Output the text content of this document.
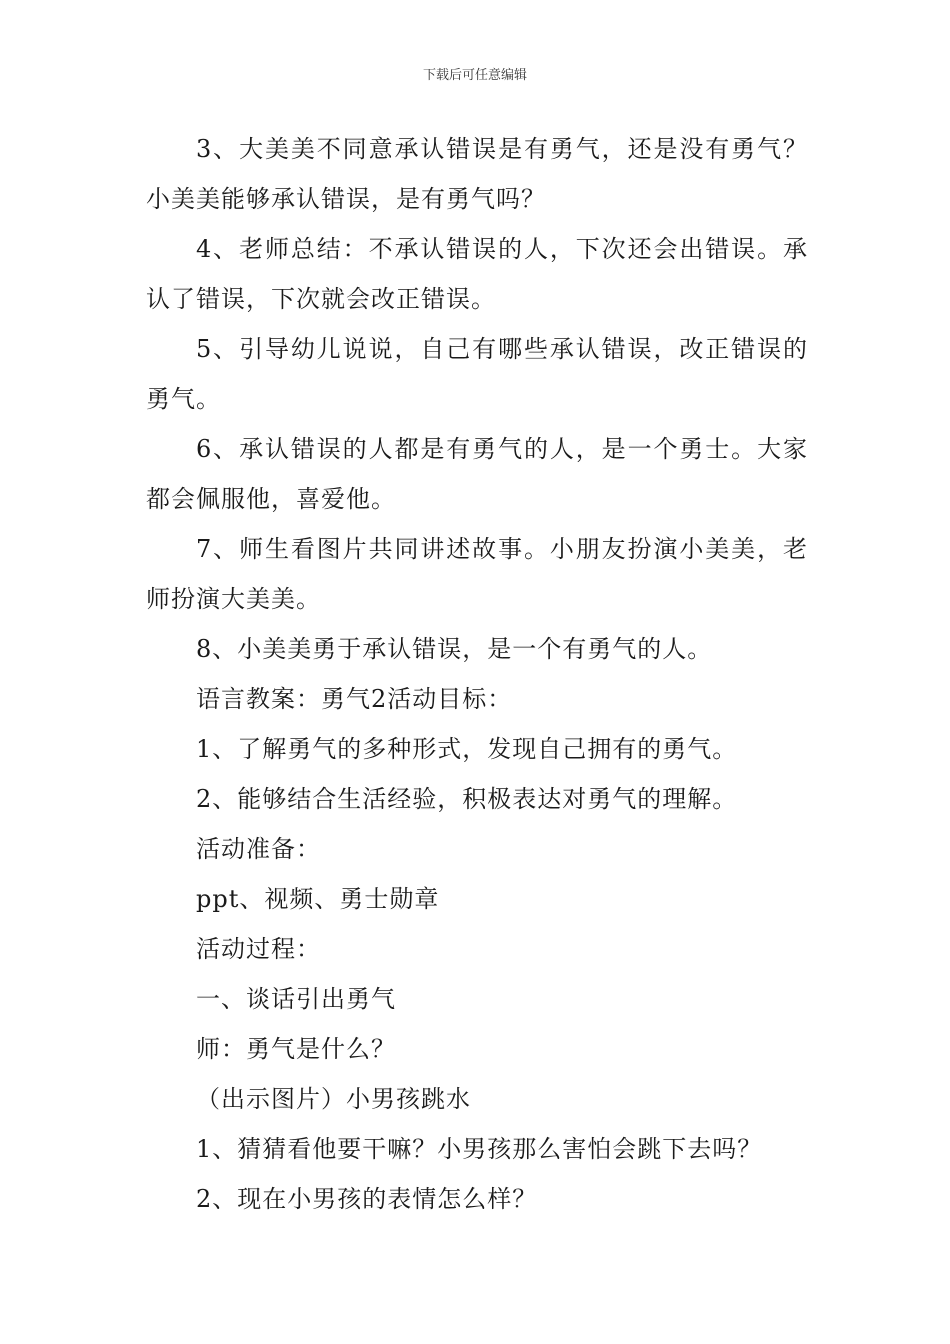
下载后可任意编辑

3、大美美不同意承认错误是有勇气，还是没有勇气？小美美能够承认错误，是有勇气吗？

4、老师总结：不承认错误的人，下次还会出错误。承认了错误，下次就会改正错误。

5、引导幼儿说说，自己有哪些承认错误，改正错误的勇气。

6、承认错误的人都是有勇气的人，是一个勇士。大家都会佩服他，喜爱他。

7、师生看图片共同讲述故事。小朋友扮演小美美，老师扮演大美美。

8、小美美勇于承认错误，是一个有勇气的人。

语言教案：勇气2活动目标：

1、了解勇气的多种形式，发现自己拥有的勇气。

2、能够结合生活经验，积极表达对勇气的理解。

活动准备：

ppt、视频、勇士勋章

活动过程：

一、谈话引出勇气

师：勇气是什么？

（出示图片）小男孩跳水

1、猜猜看他要干嘛？小男孩那么害怕会跳下去吗？

2、现在小男孩的表情怎么样？
